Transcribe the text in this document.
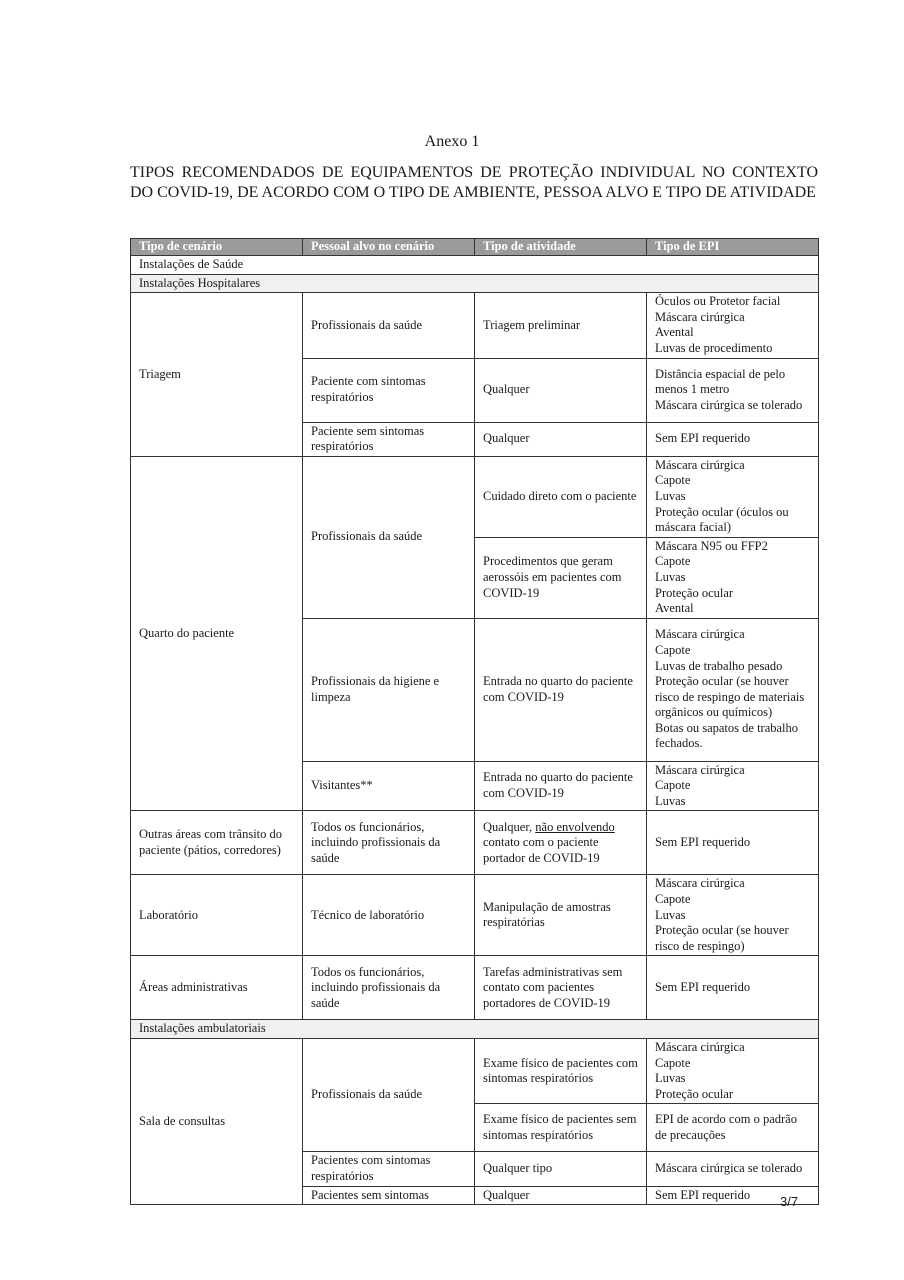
Anexo 1
TIPOS RECOMENDADOS DE EQUIPAMENTOS DE PROTEÇÃO INDIVIDUAL NO CONTEXTO DO COVID-19, DE ACORDO COM O TIPO DE AMBIENTE, PESSOA ALVO E TIPO DE ATIVIDADE
Tipo de cenário	Pessoal alvo no cenário	Tipo de atividade	Tipo de EPI
Instalações de Saúde			
Instalações Hospitalares			
Triagem	Profissionais da saúde	Triagem preliminar	Óculos ou Protetor facial
Máscara cirúrgica
Avental
Luvas de procedimento

	Paciente com sintomas respiratórios	Qualquer	Distância espacial de pelo menos 1 metro
Máscara cirúrgica se tolerado

	Paciente sem sintomas respiratórios	Qualquer	Sem EPI requerido
Quarto do paciente	Profissionais da saúde	Cuidado direto com o paciente	Máscara cirúrgica
Capote
Luvas
Proteção ocular (óculos ou máscara facial)

		Procedimentos que geram aerossóis em pacientes com COVID-19	Máscara N95 ou FFP2
Capote
Luvas
Proteção ocular
Avental

	Profissionais da higiene e limpeza	Entrada no quarto do paciente com COVID-19	Máscara cirúrgica
Capote
Luvas de trabalho pesado
Proteção ocular (se houver risco de respingo de materiais orgânicos ou químicos)
Botas ou sapatos de trabalho fechados.

	Visitantes**	Entrada no quarto do paciente com COVID-19	Máscara cirúrgica
Capote
Luvas

Outras áreas com trânsito do paciente (pátios, corredores)	Todos os funcionários, incluindo profissionais da saúde	Qualquer, não envolvendo contato com o paciente portador de COVID-19	Sem EPI requerido
Laboratório	Técnico de laboratório	Manipulação de amostras respiratórias	Máscara cirúrgica
Capote
Luvas
Proteção ocular (se houver risco de respingo)

Áreas administrativas	Todos os funcionários, incluindo profissionais da saúde	Tarefas administrativas sem contato com pacientes portadores de COVID-19	Sem EPI requerido
Instalações ambulatoriais			
Sala de consultas	Profissionais da saúde	Exame físico de pacientes com sintomas respiratórios	Máscara cirúrgica
Capote
Luvas
Proteção ocular

		Exame físico de pacientes sem sintomas respiratórios	EPI de acordo com o padrão de precauções
	Pacientes com sintomas respiratórios	Qualquer tipo	Máscara cirúrgica se tolerado
	Pacientes sem sintomas	Qualquer	Sem EPI requerido 3/7
